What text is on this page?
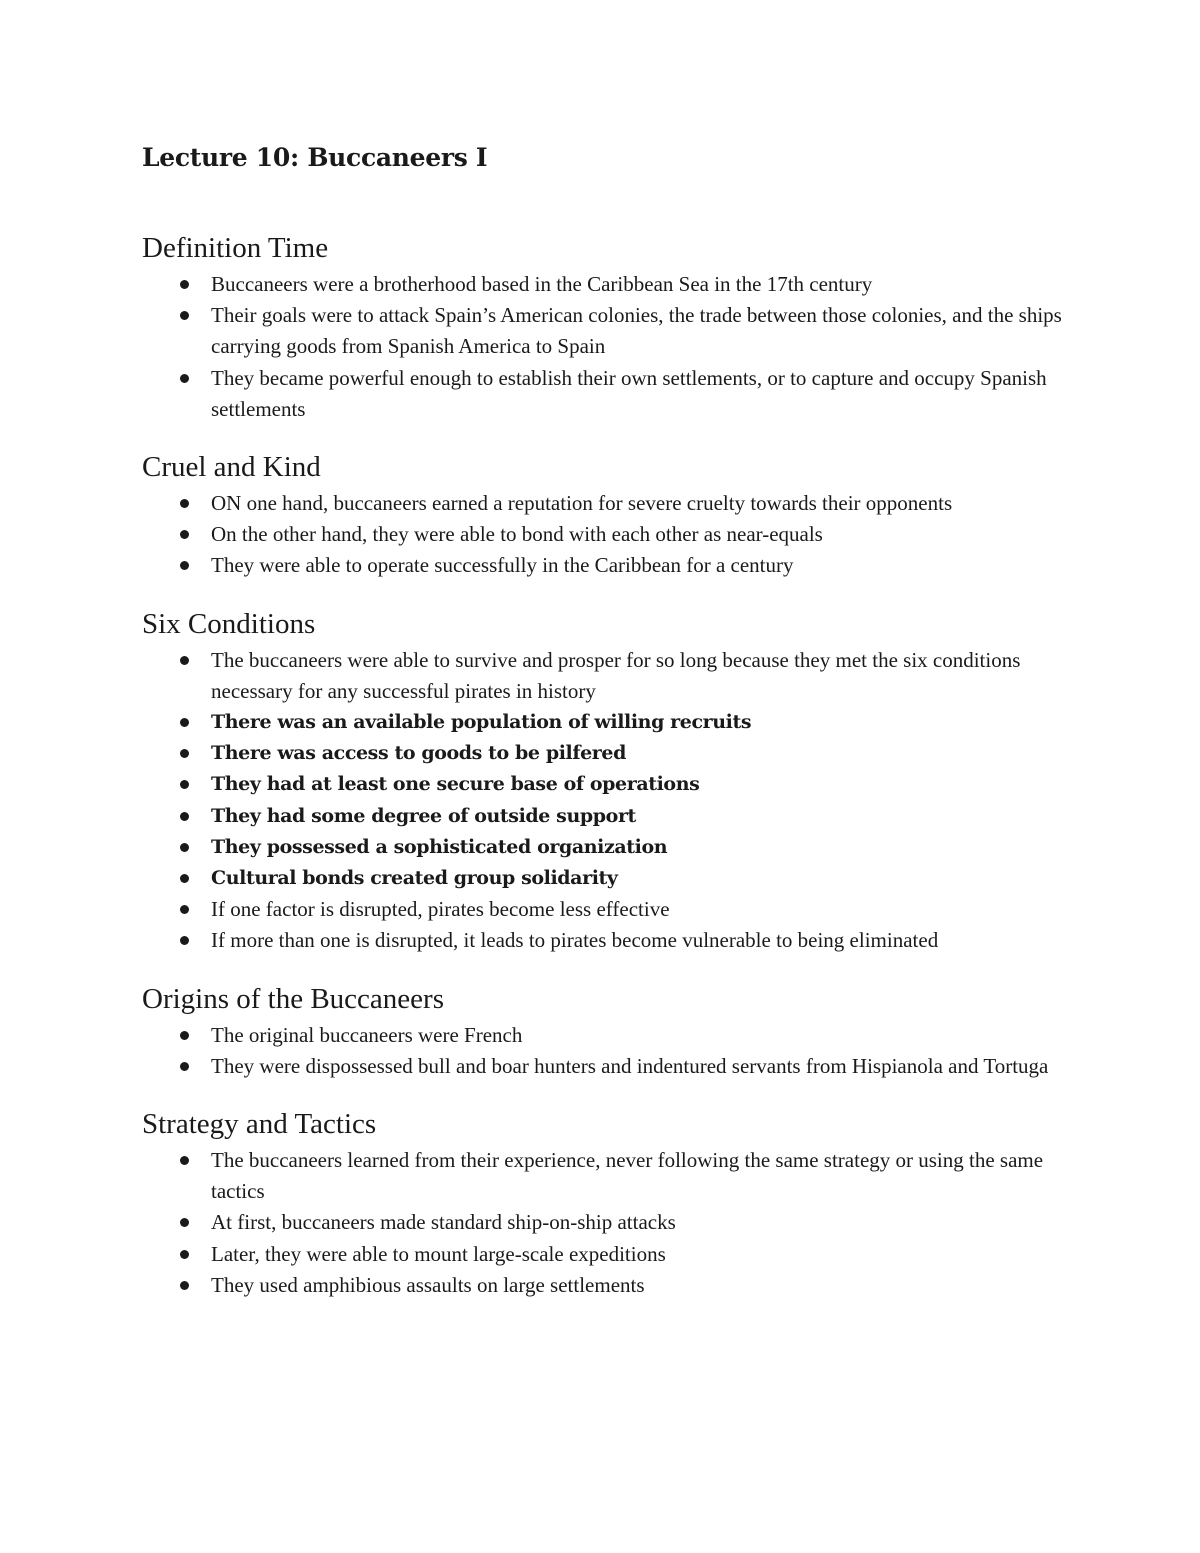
Lecture 10: Buccaneers I
Definition Time
Buccaneers were a brotherhood based in the Caribbean Sea in the 17th century
Their goals were to attack Spain’s American colonies, the trade between those colonies, and the ships carrying goods from Spanish America to Spain
They became powerful enough to establish their own settlements, or to capture and occupy Spanish settlements
Cruel and Kind
ON one hand, buccaneers earned a reputation for severe cruelty towards their opponents
On the other hand, they were able to bond with each other as near-equals
They were able to operate successfully in the Caribbean for a century
Six Conditions
The buccaneers were able to survive and prosper for so long because they met the six conditions necessary for any successful pirates in history
There was an available population of willing recruits
There was access to goods to be pilfered
They had at least one secure base of operations
They had some degree of outside support
They possessed a sophisticated organization
Cultural bonds created group solidarity
If one factor is disrupted, pirates become less effective
If more than one is disrupted, it leads to pirates become vulnerable to being eliminated
Origins of the Buccaneers
The original buccaneers were French
They were dispossessed bull and boar hunters and indentured servants from Hispianola and Tortuga
Strategy and Tactics
The buccaneers learned from their experience, never following the same strategy or using the same tactics
At first, buccaneers made standard ship-on-ship attacks
Later, they were able to mount large-scale expeditions
They used amphibious assaults on large settlements
